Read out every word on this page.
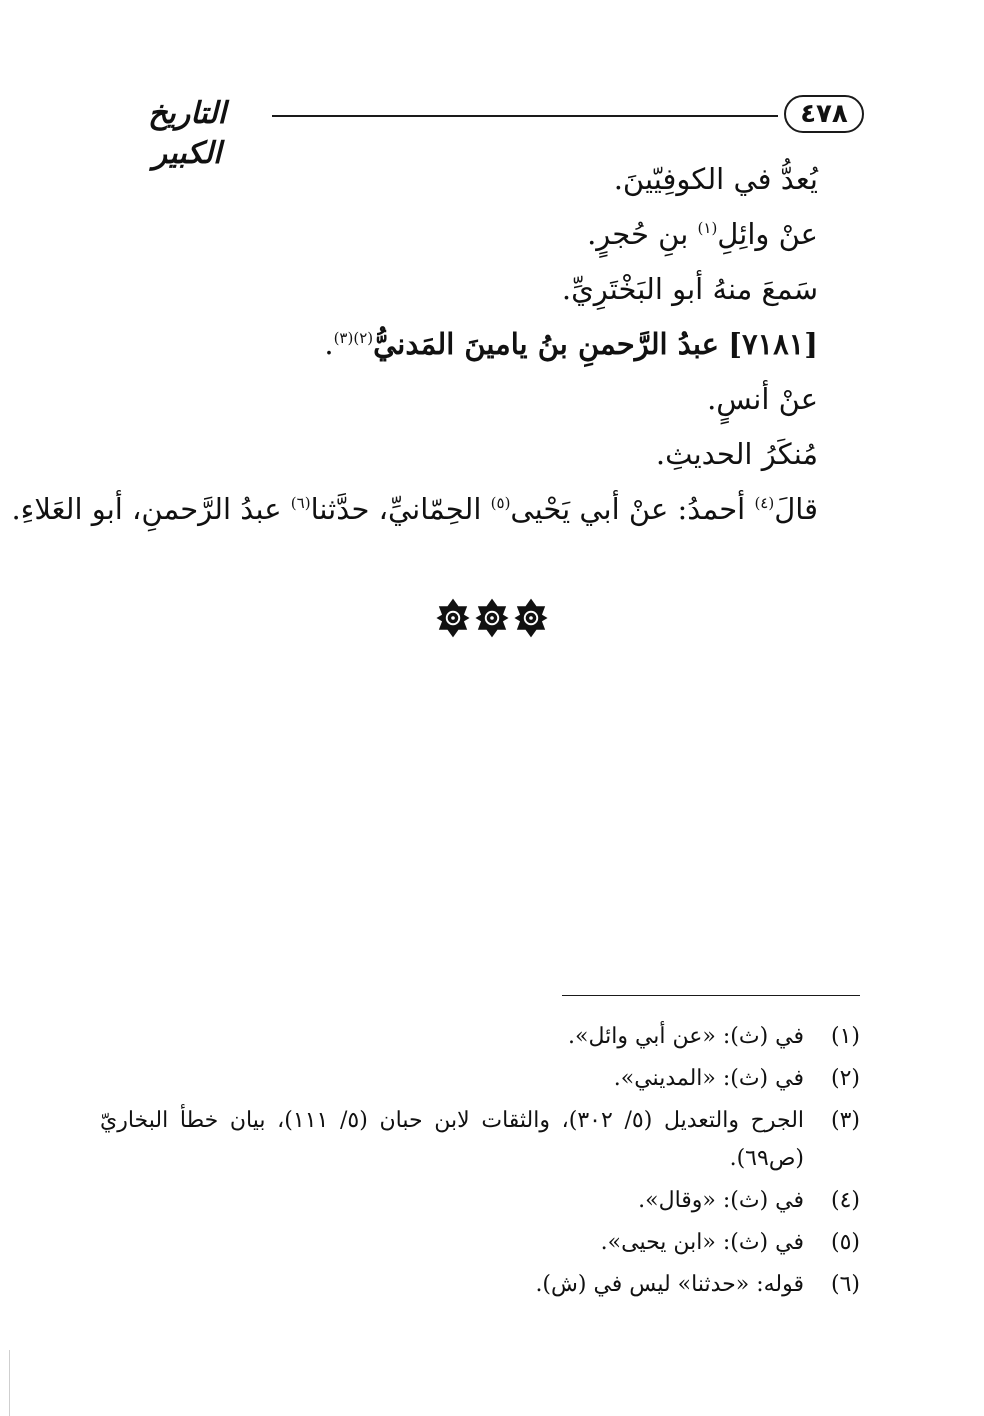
٤٧٨
التاريخ الكبير
يُعدُّ في الكوفِيّينَ.
عنْ وائِلِ$^{(١)}$ بنِ حُجرٍ.
سَمعَ منهُ أبو البَخْتَرِيِّ.
[٧١٨١] عبدُ الرَّحمنِ بنُ يامينَ المَدنيُّ$^{(٢)(٣)}$.
عنْ أنسٍ.
مُنكَرُ الحديثِ.
قالَ$^{(٤)}$ أحمدُ: عنْ أبي يَحْيى$^{(٥)}$ الحِمّانيِّ، حدَّثنا$^{(٦)}$ عبدُ الرَّحمنِ، أبو العَلاءِ.
(١)
في (ث): «عن أبي وائل».
(٢)
في (ث): «المديني».
(٣)
الجرح والتعديل (٥/ ٣٠٢)، والثقات لابن حبان (٥/ ١١١)، بيان خطأ البخاريّ (ص٦٩).
(٤)
في (ث): «وقال».
(٥)
في (ث): «ابن يحيى».
(٦)
قوله: «حدثنا» ليس في (ش).
